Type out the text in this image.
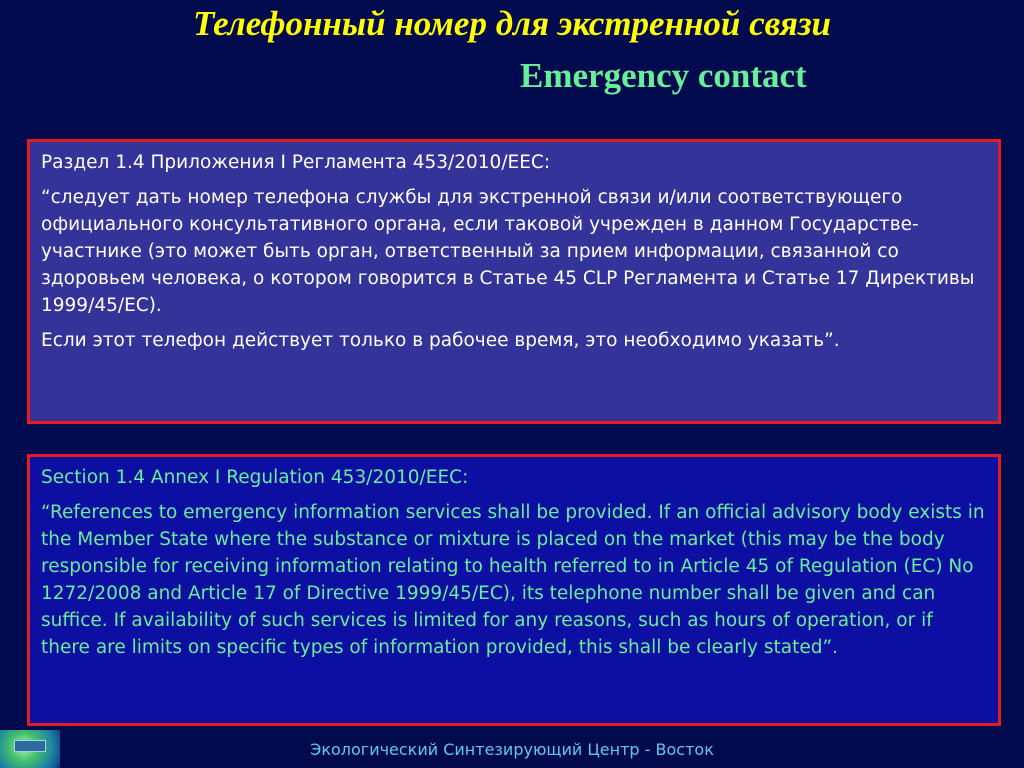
Телефонный номер для экстренной связи
Emergency contact

Раздел 1.4 Приложения I Регламента 453/2010/ЕЕС:

“следует дать номер телефона службы для экстренной связи и/или соответствующего официального консультативного органа, если таковой учрежден в данном Государстве-участнике (это может быть орган, ответственный за прием информации, связанной со здоровьем человека, о котором говорится в Статье 45 CLP Регламента и Статье 17 Директивы 1999/45/ЕС).

Если этот телефон действует только в рабочее время, это необходимо указать”.

Section 1.4 Annex I Regulation 453/2010/EEC:

“References to emergency information services shall be provided. If an official advisory body exists in the Member State where the substance or mixture is placed on the market (this may be the body responsible for receiving information relating to health referred to in Article 45 of Regulation (EC) No 1272/2008 and Article 17 of Directive 1999/45/EC), its telephone number shall be given and can suffice. If availability of such services is limited for any reasons, such as hours of operation, or if there are limits on specific types of information provided, this shall be clearly stated”.

Экологический Синтезирующий Центр - Восток
